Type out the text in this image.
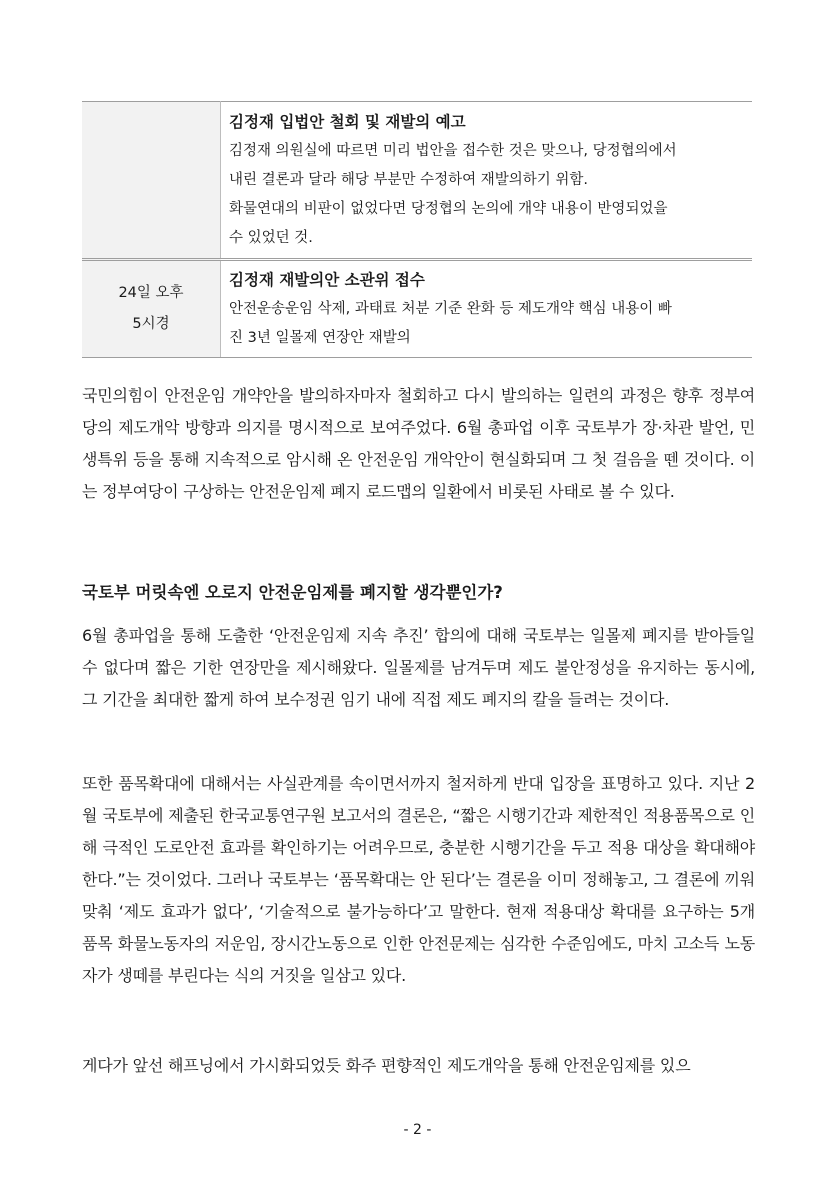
	김정재 입법안 철회 및 재발의 예고
김정재 의원실에 따르면 미리 법안을 접수한 것은 맞으나, 당정협의에서
내린 결론과 달라 해당 부분만 수정하여 재발의하기 위함.
화물연대의 비판이 없었다면 당정협의 논의에 개약 내용이 반영되었을
수 있었던 것.

24일 오후
5시경	김정재 재발의안 소관위 접수
안전운송운임 삭제, 과태료 처분 기준 완화 등 제도개약 핵심 내용이 빠
진 3년 일몰제 연장안 재발의

국민의힘이 안전운임 개약안을 발의하자마자 철회하고 다시 발의하는 일련의 과정은 향후 정부여당의 제도개악 방향과 의지를 명시적으로 보여주었다. 6월 총파업 이후 국토부가 장·차관 발언, 민생특위 등을 통해 지속적으로 암시해 온 안전운임 개악안이 현실화되며 그 첫 걸음을 뗀 것이다. 이는 정부여당이 구상하는 안전운임제 폐지 로드맵의 일환에서 비롯된 사태로 볼 수 있다.

국토부 머릿속엔 오로지 안전운임제를 폐지할 생각뿐인가?

6월 총파업을 통해 도출한 ‘안전운임제 지속 추진’ 합의에 대해 국토부는 일몰제 폐지를 받아들일 수 없다며 짧은 기한 연장만을 제시해왔다. 일몰제를 남겨두며 제도 불안정성을 유지하는 동시에, 그 기간을 최대한 짧게 하여 보수정권 임기 내에 직접 제도 폐지의 칼을 들려는 것이다.

또한 품목확대에 대해서는 사실관계를 속이면서까지 철저하게 반대 입장을 표명하고 있다. 지난 2월 국토부에 제출된 한국교통연구원 보고서의 결론은, “짧은 시행기간과 제한적인 적용품목으로 인해 극적인 도로안전 효과를 확인하기는 어려우므로, 충분한 시행기간을 두고 적용 대상을 확대해야 한다.”는 것이었다. 그러나 국토부는 ‘품목확대는 안 된다’는 결론을 이미 정해놓고, 그 결론에 끼워 맞춰 ‘제도 효과가 없다’, ‘기술적으로 불가능하다’고 말한다. 현재 적용대상 확대를 요구하는 5개 품목 화물노동자의 저운임, 장시간노동으로 인한 안전문제는 심각한 수준임에도, 마치 고소득 노동자가 생떼를 부린다는 식의 거짓을 일삼고 있다.

게다가 앞선 해프닝에서 가시화되었듯 화주 편향적인 제도개악을 통해 안전운임제를 있으

- 2 -
